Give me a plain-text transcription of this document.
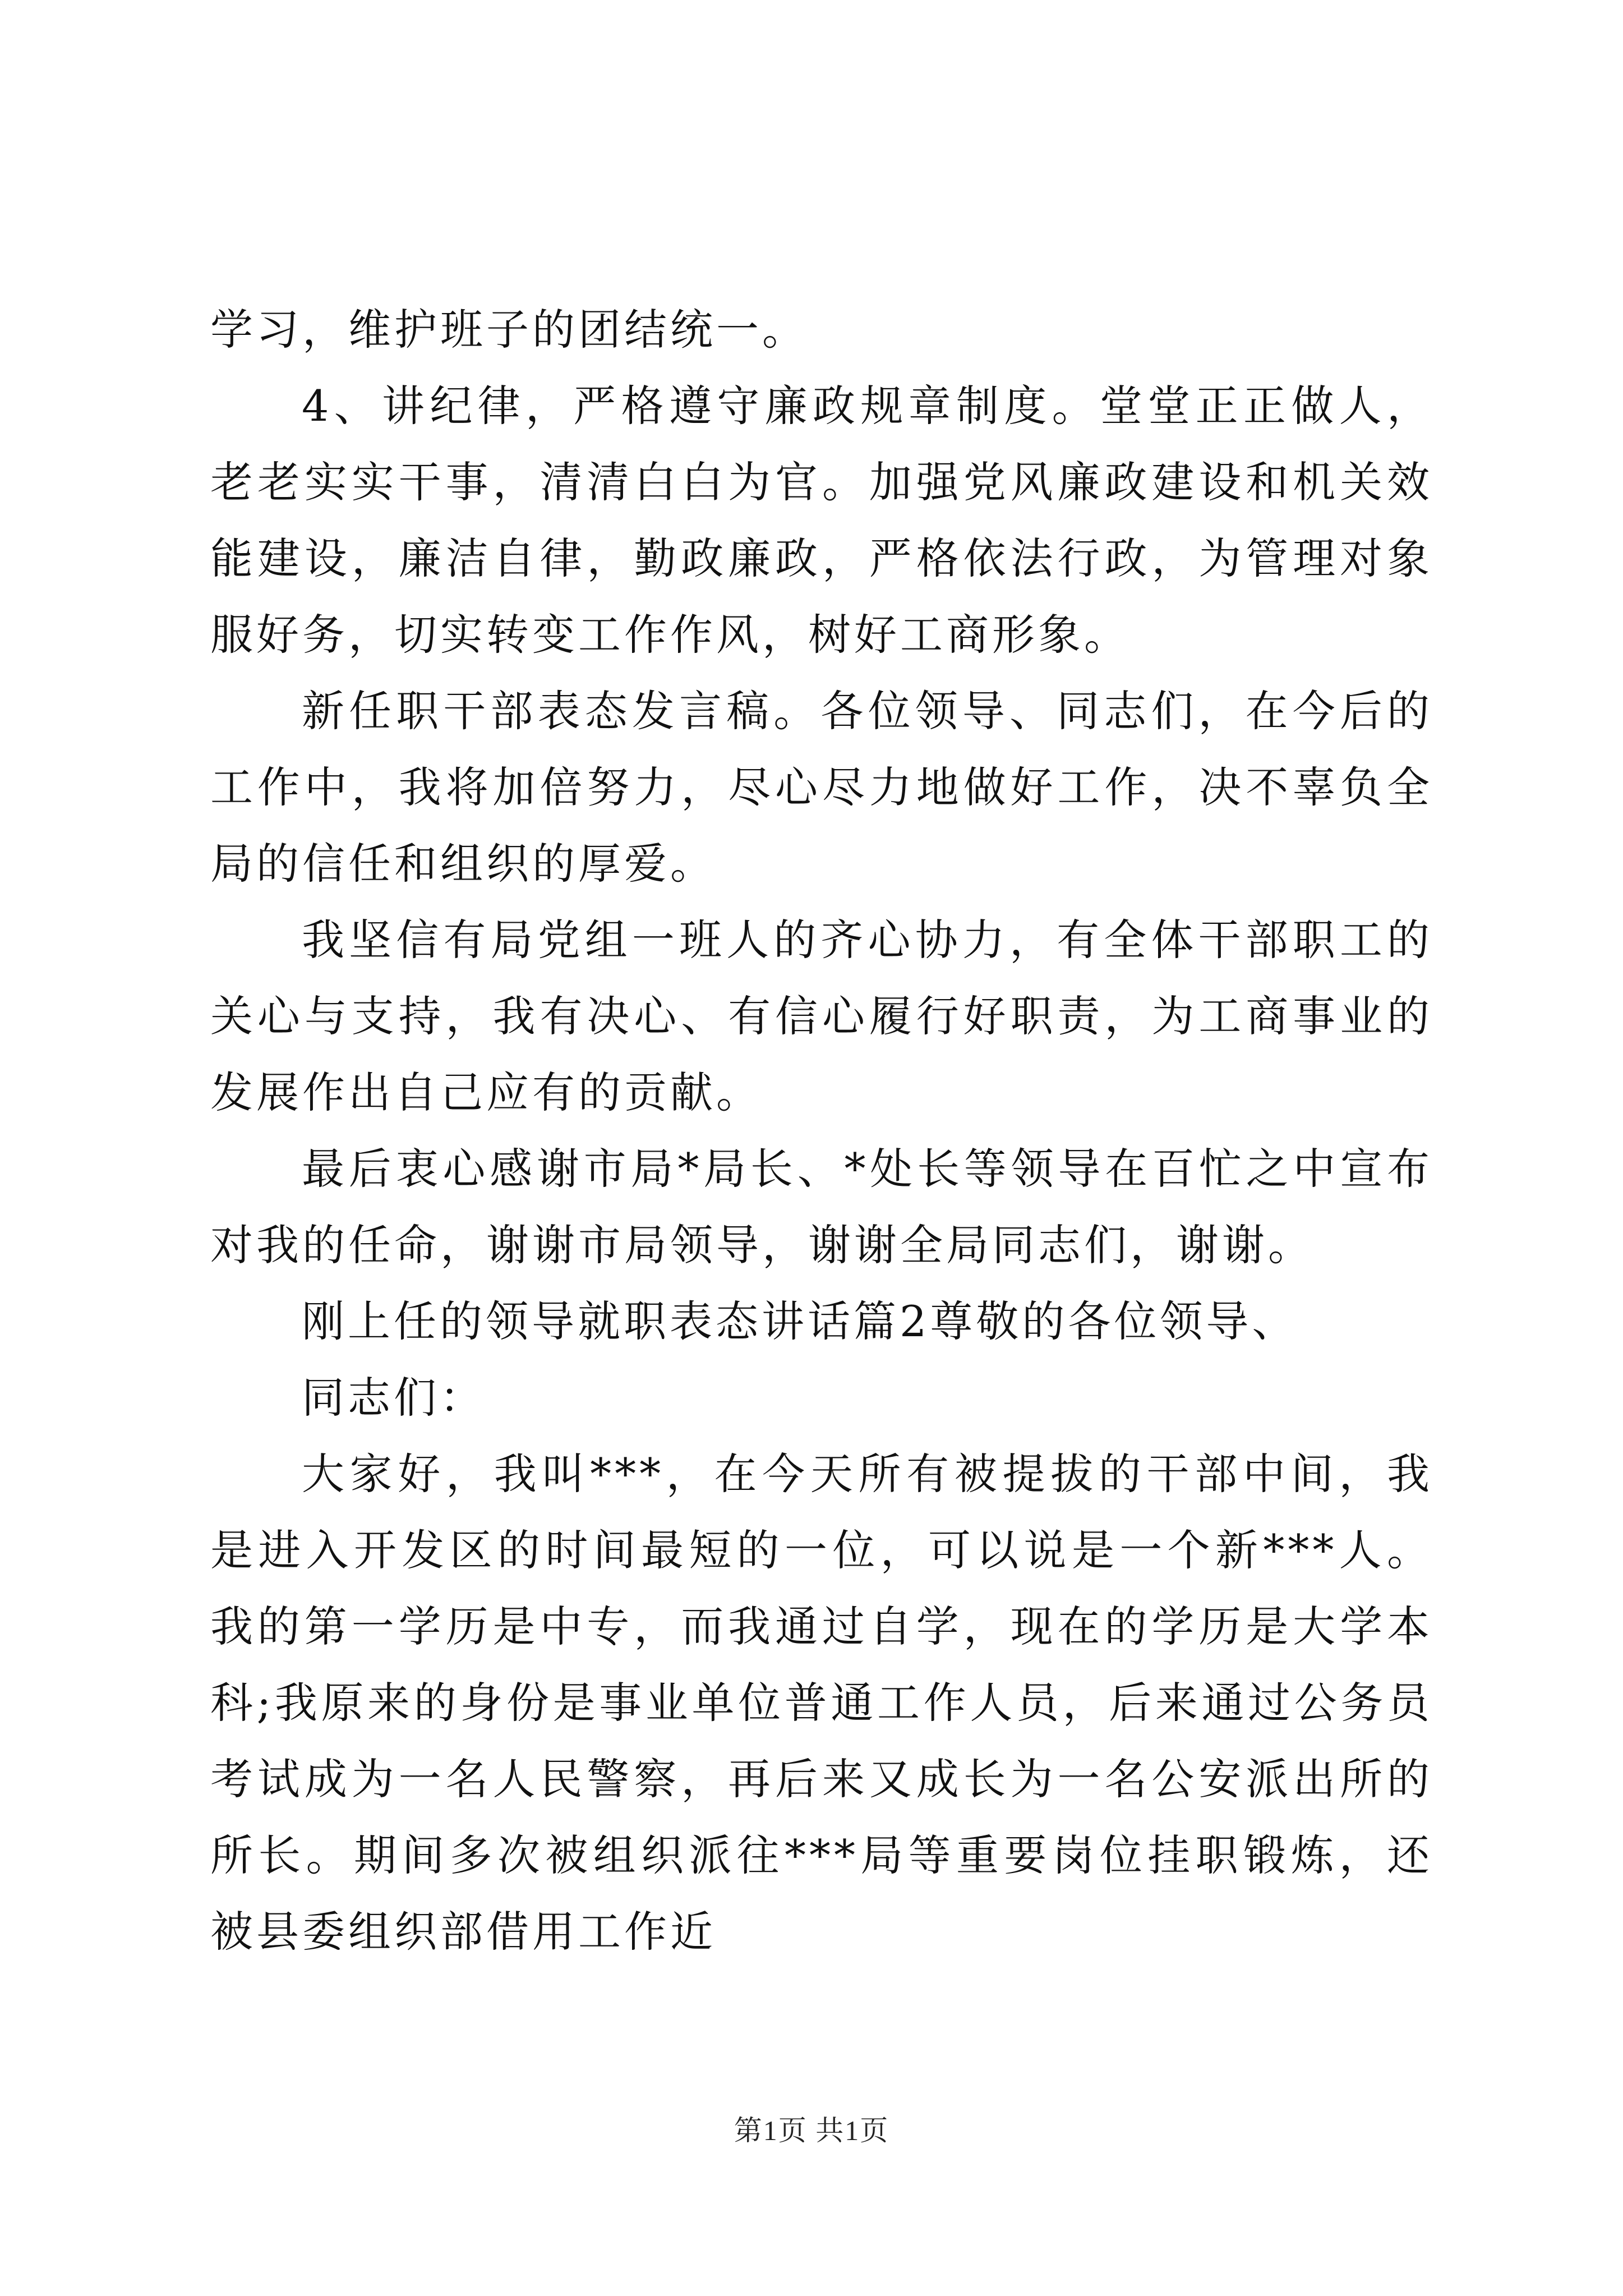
学习，维护班子的团结统一。

4、讲纪律，严格遵守廉政规章制度。堂堂正正做人，老老实实干事，清清白白为官。加强党风廉政建设和机关效能建设，廉洁自律，勤政廉政，严格依法行政，为管理对象服好务，切实转变工作作风，树好工商形象。

新任职干部表态发言稿。各位领导、同志们，在今后的工作中，我将加倍努力，尽心尽力地做好工作，决不辜负全局的信任和组织的厚爱。

我坚信有局党组一班人的齐心协力，有全体干部职工的关心与支持，我有决心、有信心履行好职责，为工商事业的发展作出自己应有的贡献。

最后衷心感谢市局*局长、*处长等领导在百忙之中宣布对我的任命，谢谢市局领导，谢谢全局同志们，谢谢。

刚上任的领导就职表态讲话篇2尊敬的各位领导、

同志们：

大家好，我叫***，在今天所有被提拔的干部中间，我是进入开发区的时间最短的一位，可以说是一个新***人。我的第一学历是中专，而我通过自学，现在的学历是大学本科;我原来的身份是事业单位普通工作人员，后来通过公务员考试成为一名人民警察，再后来又成长为一名公安派出所的所长。期间多次被组织派往***局等重要岗位挂职锻炼，还被县委组织部借用工作近

第1页 共1页
